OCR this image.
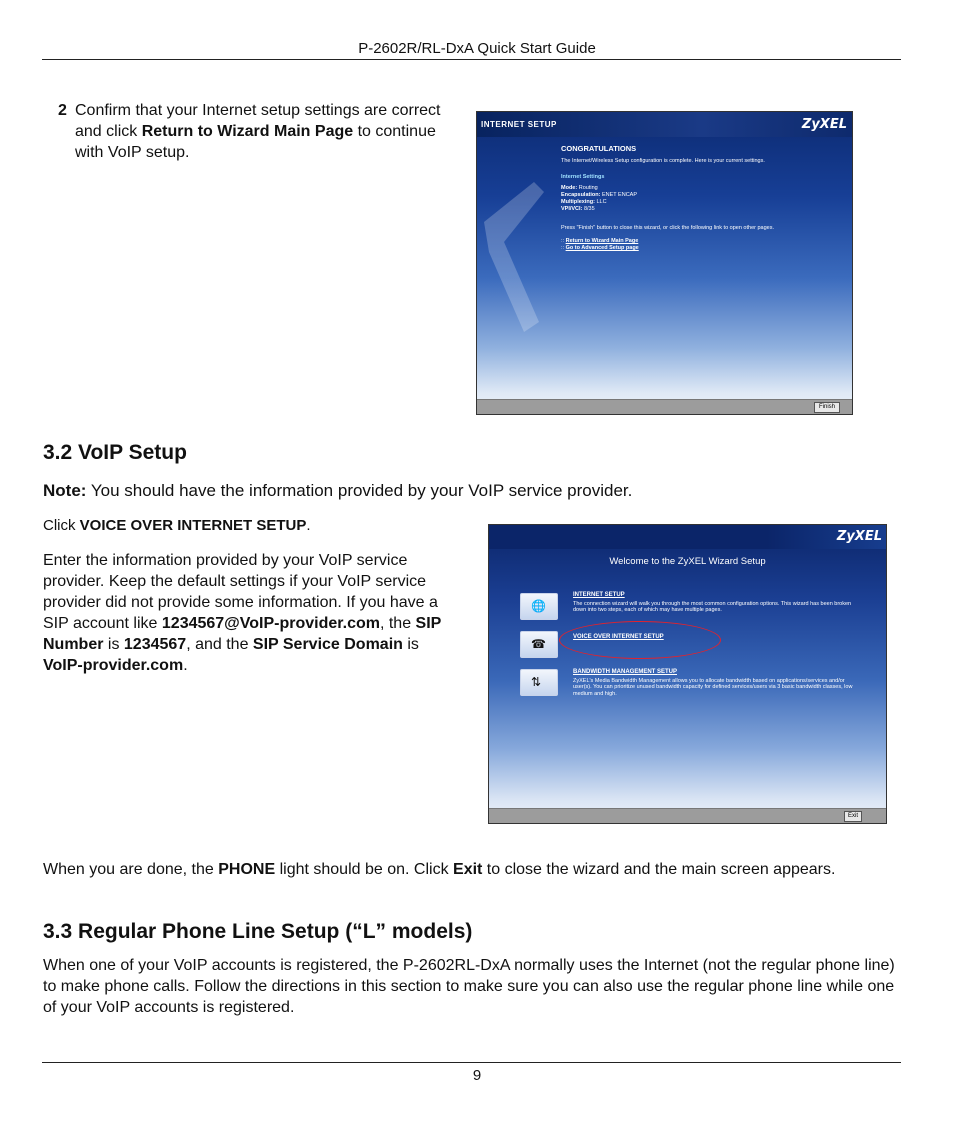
P-2602R/RL-DxA Quick Start Guide
2 Confirm that your Internet setup settings are correct and click Return to Wizard Main Page to continue with VoIP setup.
INTERNET SETUP	ZyXEL
CONGRATULATIONS
The Internet/Wireless Setup configuration is complete. Here is your current settings.
Internet Settings
Mode: Routing
Encapsulation: ENET ENCAP
Multiplexing: LLC
VPI/VCI: 8/35
Press "Finish" button to close this wizard, or click the following link to open other pages.
:: Return to Wizard Main Page
:: Go to Advanced Setup page
Finish
3.2 VoIP Setup
Note: You should have the information provided by your VoIP service provider.
Click VOICE OVER INTERNET SETUP.
Enter the information provided by your VoIP service provider. Keep the default settings if your VoIP service provider did not provide some information. If you have a SIP account like 1234567@VoIP-provider.com, the SIP Number is 1234567, and the SIP Service Domain is VoIP-provider.com.
ZyXEL
Welcome to the ZyXEL Wizard Setup
🌐
INTERNET SETUP
The connection wizard will walk you through the most common configuration options. This wizard has been broken down into two steps, each of which may have multiple pages.
☎	VOICE OVER INTERNET SETUP
⇅
BANDWIDTH MANAGEMENT SETUP
ZyXEL's Media Bandwidth Management allows you to allocate bandwidth based on applications/services and/or user(s). You can prioritize unused bandwidth capacity for defined services/users via 3 basic bandwidth classes, low medium and high.
Exit
When you are done, the PHONE light should be on. Click Exit to close the wizard and the main screen appears.
3.3 Regular Phone Line Setup (“L” models)
When one of your VoIP accounts is registered, the P-2602RL-DxA normally uses the Internet (not the regular phone line) to make phone calls. Follow the directions in this section to make sure you can also use the regular phone line while one of your VoIP accounts is registered.
9
